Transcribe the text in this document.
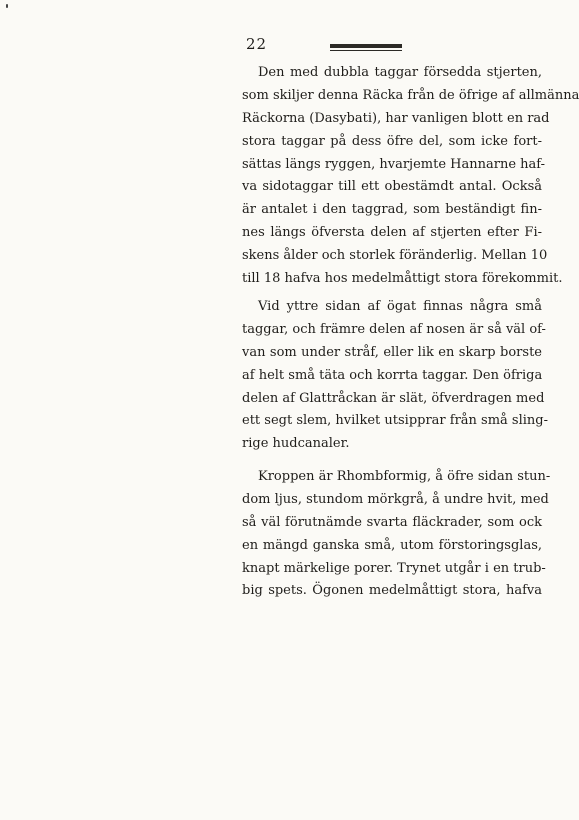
22

Den med dubbla taggar försedda stjerten,
som skiljer denna Räcka från de öfrige af allmänna
Räckorna (Dasybati), har vanligen blott en rad
stora taggar på dess öfre del, som icke fort-
sättas längs ryggen, hvarjemte Hannarne haf-
va sidotaggar till ett obestämdt antal. Också
är antalet i den taggrad, som beständigt fin-
nes längs öfversta delen af stjerten efter Fi-
skens ålder och storlek föränderlig. Mellan 10
till 18 hafva hos medelmåttigt stora förekommit.

Vid yttre sidan af ögat finnas några små
taggar, och främre delen af nosen är så väl of-
van som under stråf, eller lik en skarp borste
af helt små täta och korrta taggar. Den öfriga
delen af Glattråckan är slät, öfverdragen med
ett segt slem, hvilket utsipprar från små sling-
rige hudcanaler.

Kroppen är Rhombformig, å öfre sidan stun-
dom ljus, stundom mörkgrå, å undre hvit, med
så väl förutnämde svarta fläckrader, som ock
en mängd ganska små, utom förstoringsglas,
knapt märkelige porer. Trynet utgår i en trub-
big spets. Ögonen medelmåttigt stora, hafva
